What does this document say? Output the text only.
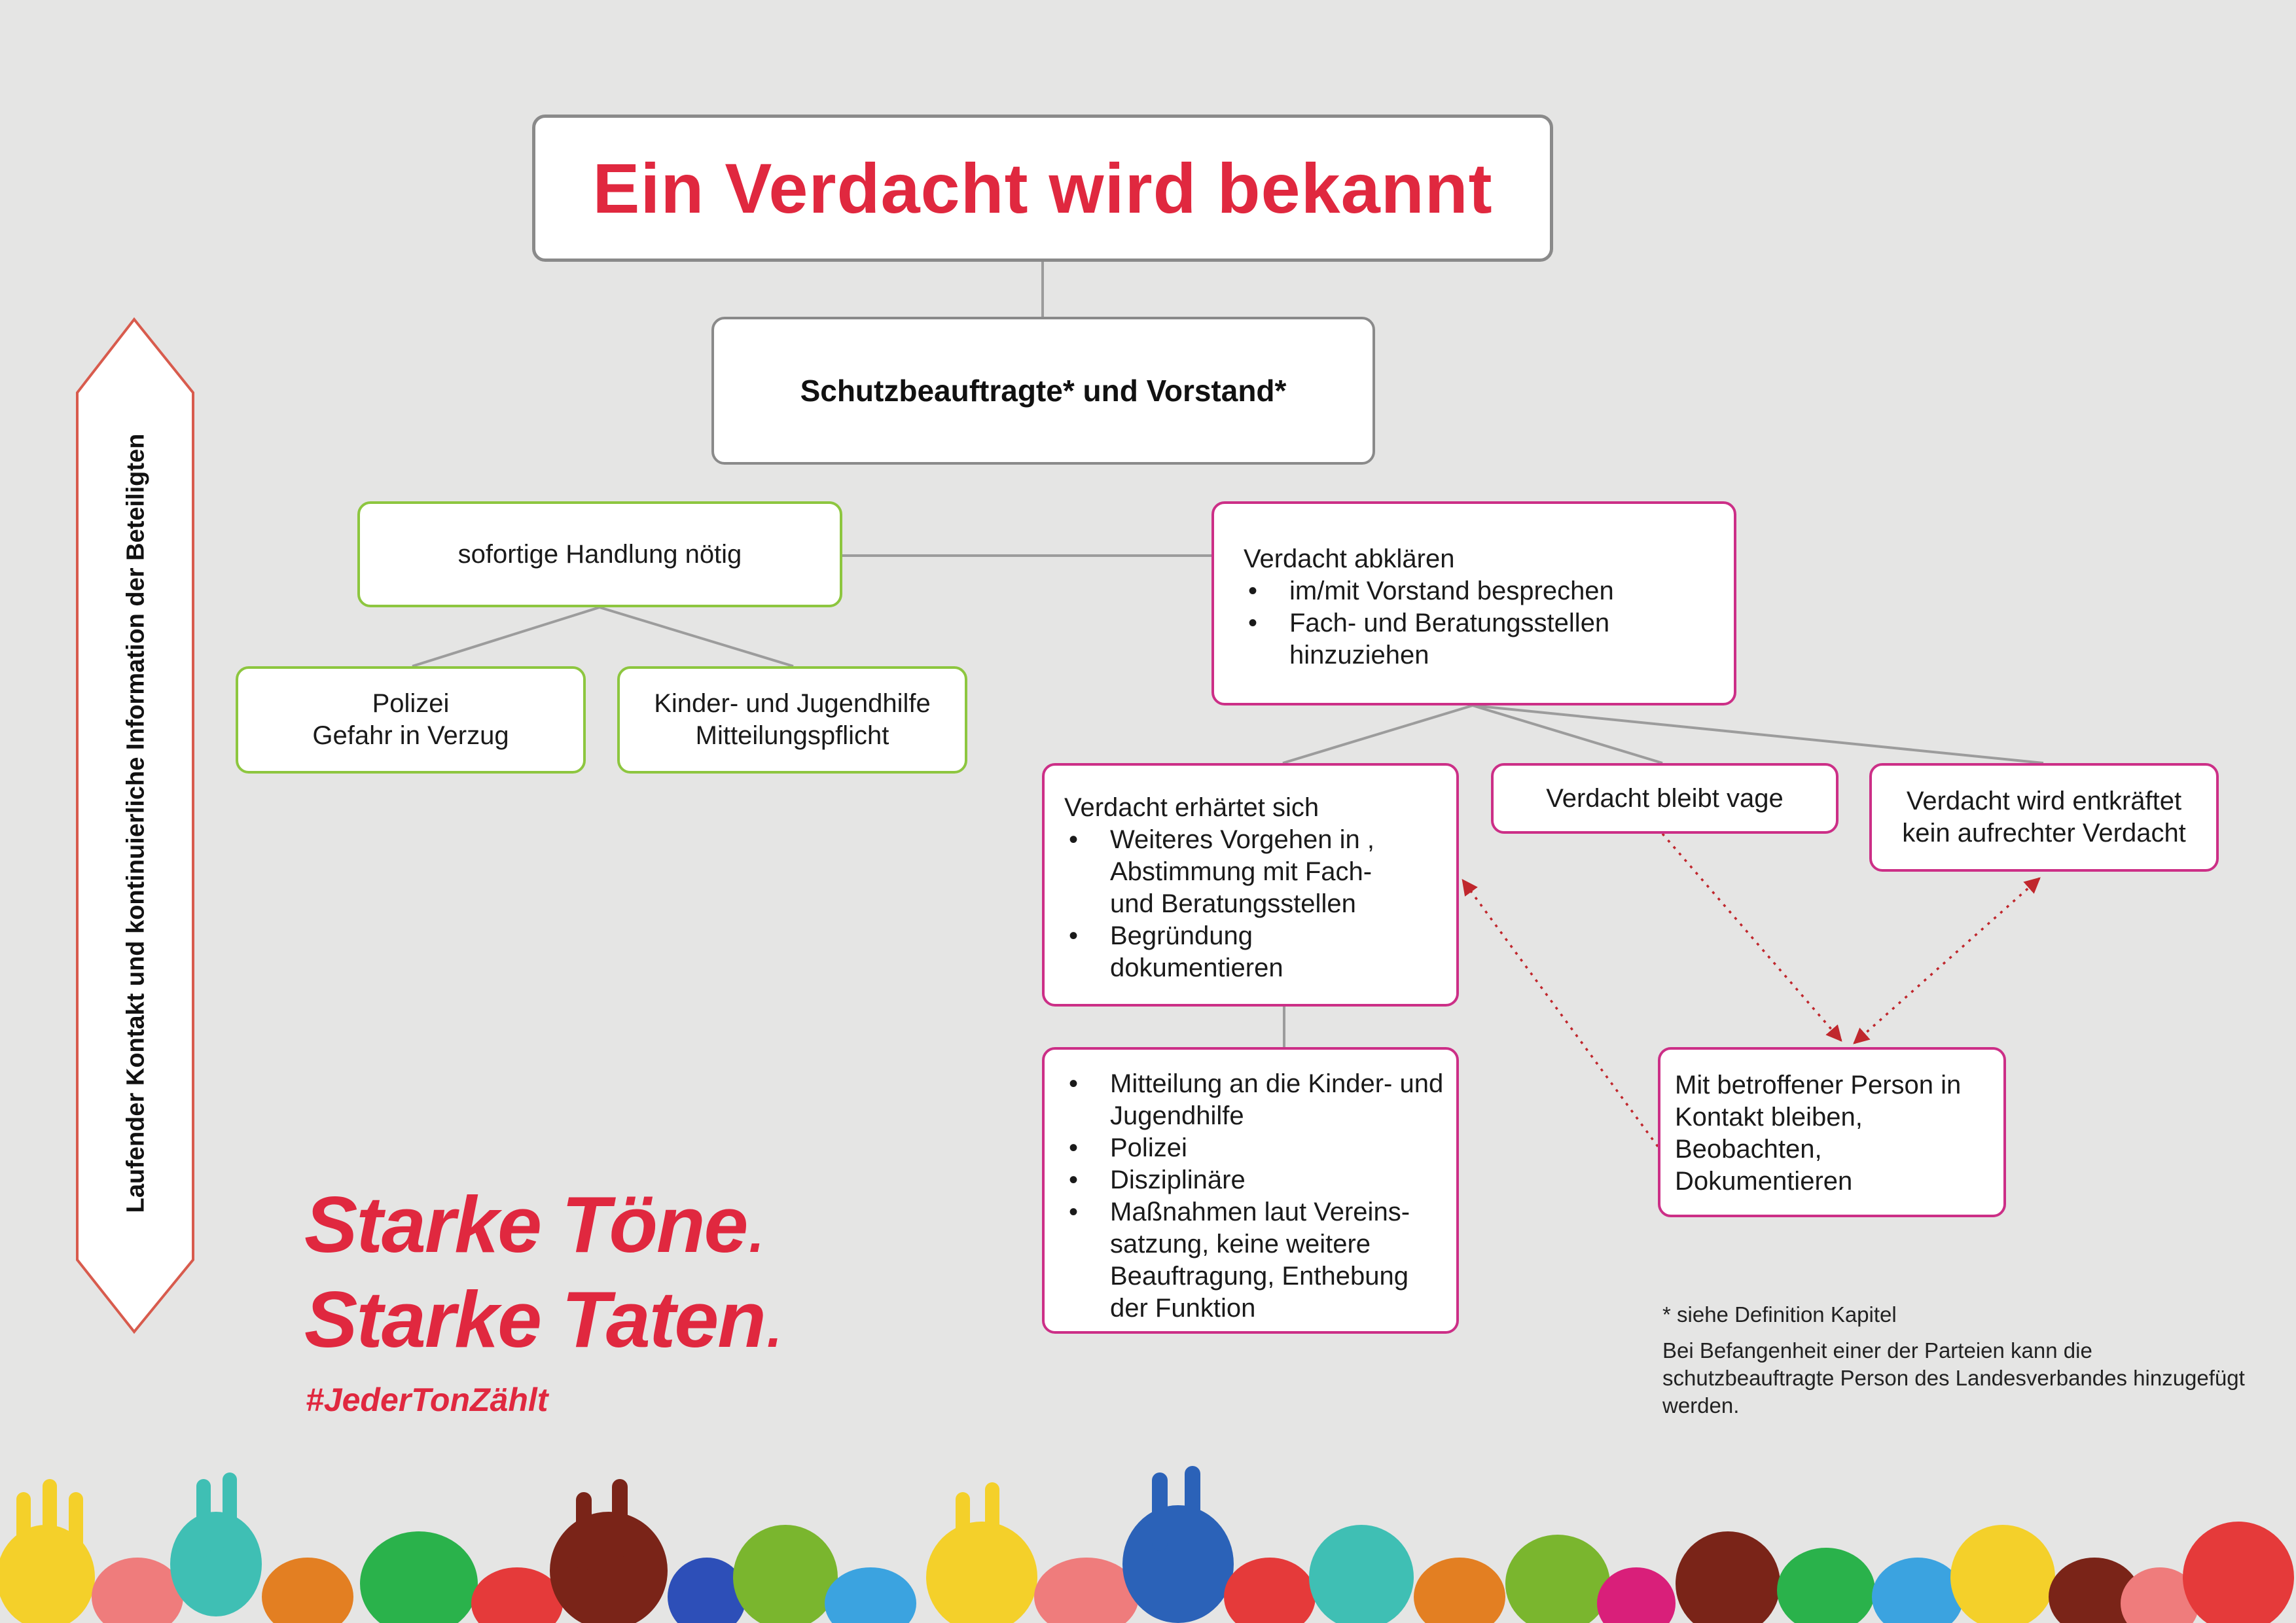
Laufender Kontakt und kontinuierliche Information der Beteiligten
Ein Verdacht wird bekannt
Schutzbeauftragte* und Vorstand*
sofortige Handlung nötig
Polizei
Gefahr in Verzug
Kinder- und Jugendhilfe
Mitteilungspflicht
Verdacht abklären
• im/mit Vorstand besprechen
• Fach- und Beratungsstellen hinzuziehen
Verdacht erhärtet sich
• Weiteres Vorgehen in , Abstimmung mit Fach- und Beratungsstellen
• Begründung dokumentieren
Verdacht bleibt vage	Verdacht wird entkräftet
kein aufrechter Verdacht
• Mitteilung an die Kinder- und Jugendhilfe
• Polizei
• Disziplinäre
• Maßnahmen laut Vereins- satzung, keine weitere Beauftragung, Enthebung der Funktion
Mit betroffener Person in Kontakt bleiben, Beobachten, Dokumentieren
Starke Töne.
Starke Taten.
#JederTonZählt
* siehe Definition Kapitel
Bei Befangenheit einer der Parteien kann die schutzbeauftragte Person des Landesverbandes hinzugefügt werden.
